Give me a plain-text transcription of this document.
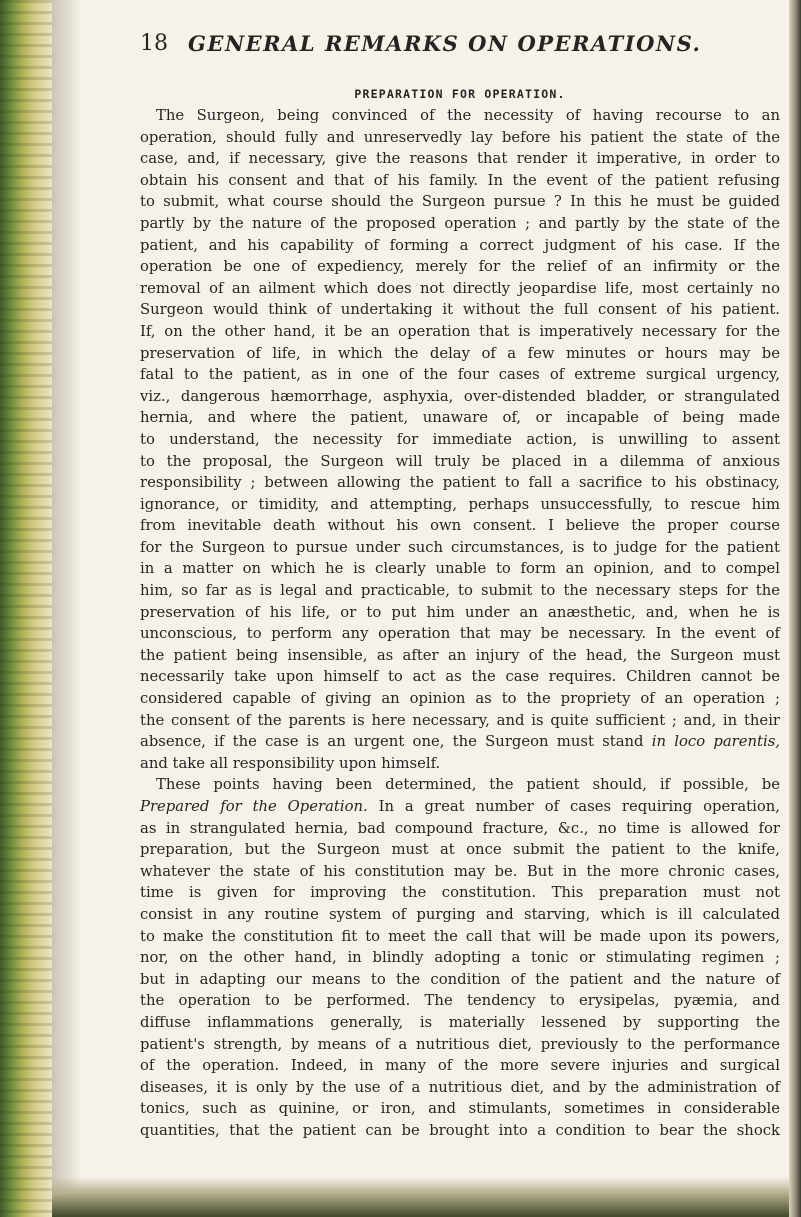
18 GENERAL REMARKS ON OPERATIONS.
PREPARATION FOR OPERATION.
The Surgeon, being convinced of the necessity of having recourse to an
operation, should fully and unreservedly lay before his patient the state of the
case, and, if necessary, give the reasons that render it imperative, in order to
obtain his consent and that of his family. In the event of the patient refusing
to submit, what course should the Surgeon pursue ? In this he must be guided
partly by the nature of the proposed operation ; and partly by the state of the
patient, and his capability of forming a correct judgment of his case. If the
operation be one of expediency, merely for the relief of an infirmity or the
removal of an ailment which does not directly jeopardise life, most certainly no
Surgeon would think of undertaking it without the full consent of his patient.
If, on the other hand, it be an operation that is imperatively necessary for the
preservation of life, in which the delay of a few minutes or hours may be
fatal to the patient, as in one of the four cases of extreme surgical urgency,
viz., dangerous hæmorrhage, asphyxia, over-distended bladder, or strangulated
hernia, and where the patient, unaware of, or incapable of being made
to understand, the necessity for immediate action, is unwilling to assent
to the proposal, the Surgeon will truly be placed in a dilemma of anxious
responsibility ; between allowing the patient to fall a sacrifice to his obstinacy,
ignorance, or timidity, and attempting, perhaps unsuccessfully, to rescue him
from inevitable death without his own consent. I believe the proper course
for the Surgeon to pursue under such circumstances, is to judge for the patient
in a matter on which he is clearly unable to form an opinion, and to compel
him, so far as is legal and practicable, to submit to the necessary steps for the
preservation of his life, or to put him under an anæsthetic, and, when he is
unconscious, to perform any operation that may be necessary. In the event of
the patient being insensible, as after an injury of the head, the Surgeon must
necessarily take upon himself to act as the case requires. Children cannot be
considered capable of giving an opinion as to the propriety of an operation ;
the consent of the parents is here necessary, and is quite sufficient ; and, in their
absence, if the case is an urgent one, the Surgeon must stand in loco parentis,
and take all responsibility upon himself.
These points having been determined, the patient should, if possible, be
Prepared for the Operation. In a great number of cases requiring operation,
as in strangulated hernia, bad compound fracture, &c., no time is allowed for
preparation, but the Surgeon must at once submit the patient to the knife,
whatever the state of his constitution may be. But in the more chronic cases,
time is given for improving the constitution. This preparation must not
consist in any routine system of purging and starving, which is ill calculated
to make the constitution fit to meet the call that will be made upon its powers,
nor, on the other hand, in blindly adopting a tonic or stimulating regimen ;
but in adapting our means to the condition of the patient and the nature of
the operation to be performed. The tendency to erysipelas, pyæmia, and
diffuse inflammations generally, is materially lessened by supporting the
patient's strength, by means of a nutritious diet, previously to the performance
of the operation. Indeed, in many of the more severe injuries and surgical
diseases, it is only by the use of a nutritious diet, and by the administration of
tonics, such as quinine, or iron, and stimulants, sometimes in considerable
quantities, that the patient can be brought into a condition to bear the shock
